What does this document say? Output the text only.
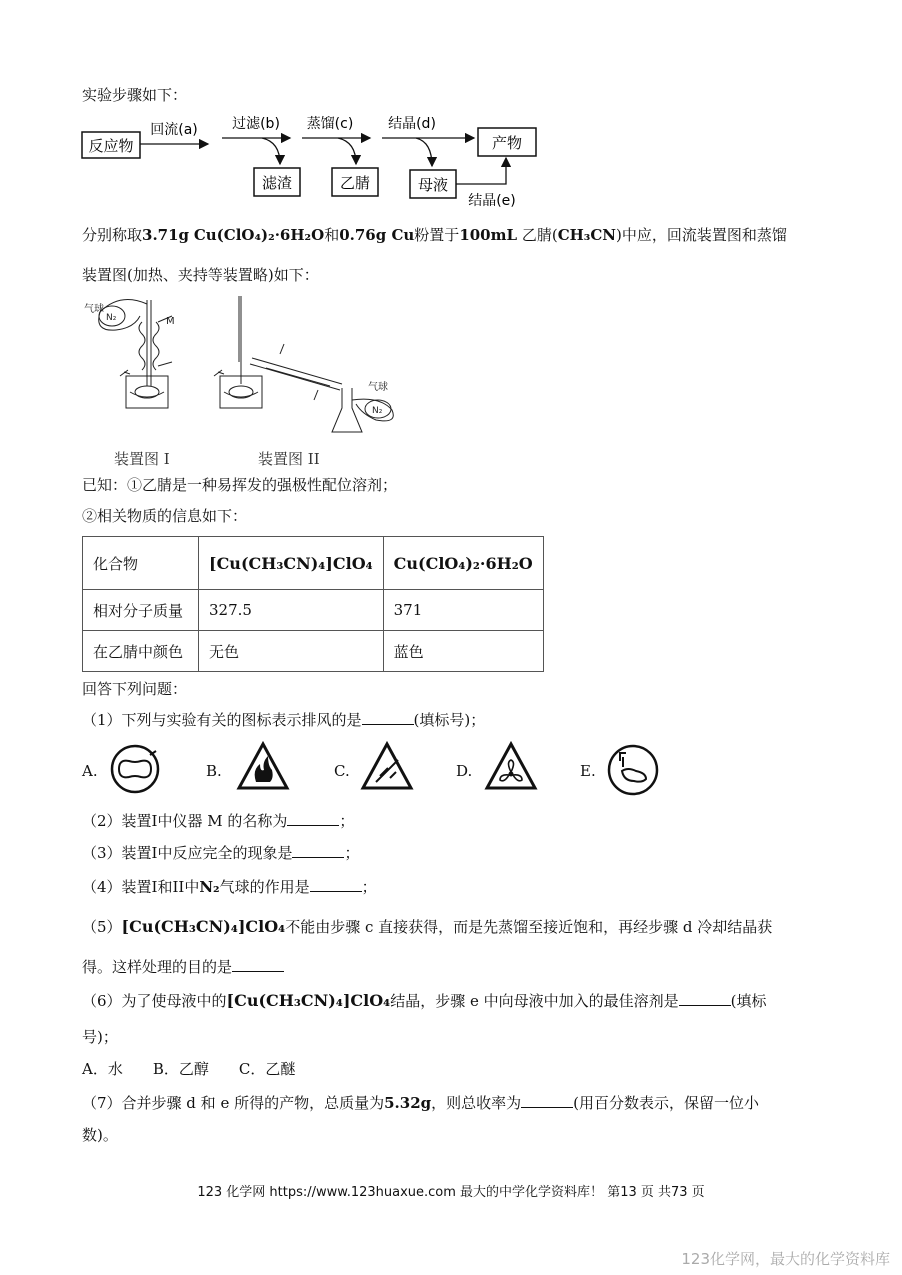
实验步骤如下：
反应物
回流(a) 过滤(b)
滤渣
蒸馏(c)
乙腈
结晶(d)
母液
产物
结晶(e)
分别称取3.71g Cu(ClO₄)₂·6H₂O和0.76g Cu粉置于100mL 乙腈(CH₃CN)中应，回流装置图和蒸馏
装置图(加热、夹持等装置略)如下：
气球
N₂	M
气球
N₂
装置图 I	装置图 II
已知：①乙腈是一种易挥发的强极性配位溶剂；
②相关物质的信息如下：
化合物	[Cu(CH₃CN)₄]ClO₄	Cu(ClO₄)₂·6H₂O
相对分子质量	327.5	371
在乙腈中颜色	无色	蓝色
回答下列问题：
（1）下列与实验有关的图标表示排风的是	(填标号)；
A.	B.	C.	D.	E.
（2）装置I中仪器 M 的名称为	；
（3）装置I中反应完全的现象是	；
（4）装置I和II中N₂气球的作用是	；
（5）[Cu(CH₃CN)₄]ClO₄不能由步骤 c 直接获得，而是先蒸馏至接近饱和，再经步骤 d 冷却结晶获
得。这样处理的目的是
（6）为了使母液中的[Cu(CH₃CN)₄]ClO₄结晶，步骤 e 中向母液中加入的最佳溶剂是	(填标
号)；
A．水　　B．乙醇　　C．乙醚
（7）合并步骤 d 和 e 所得的产物，总质量为5.32g，则总收率为	(用百分数表示，保留一位小
数)。
123 化学网 https://www.123huaxue.com 最大的中学化学资料库！ 第13 页 共73 页
123化学网，最大的化学资料库
